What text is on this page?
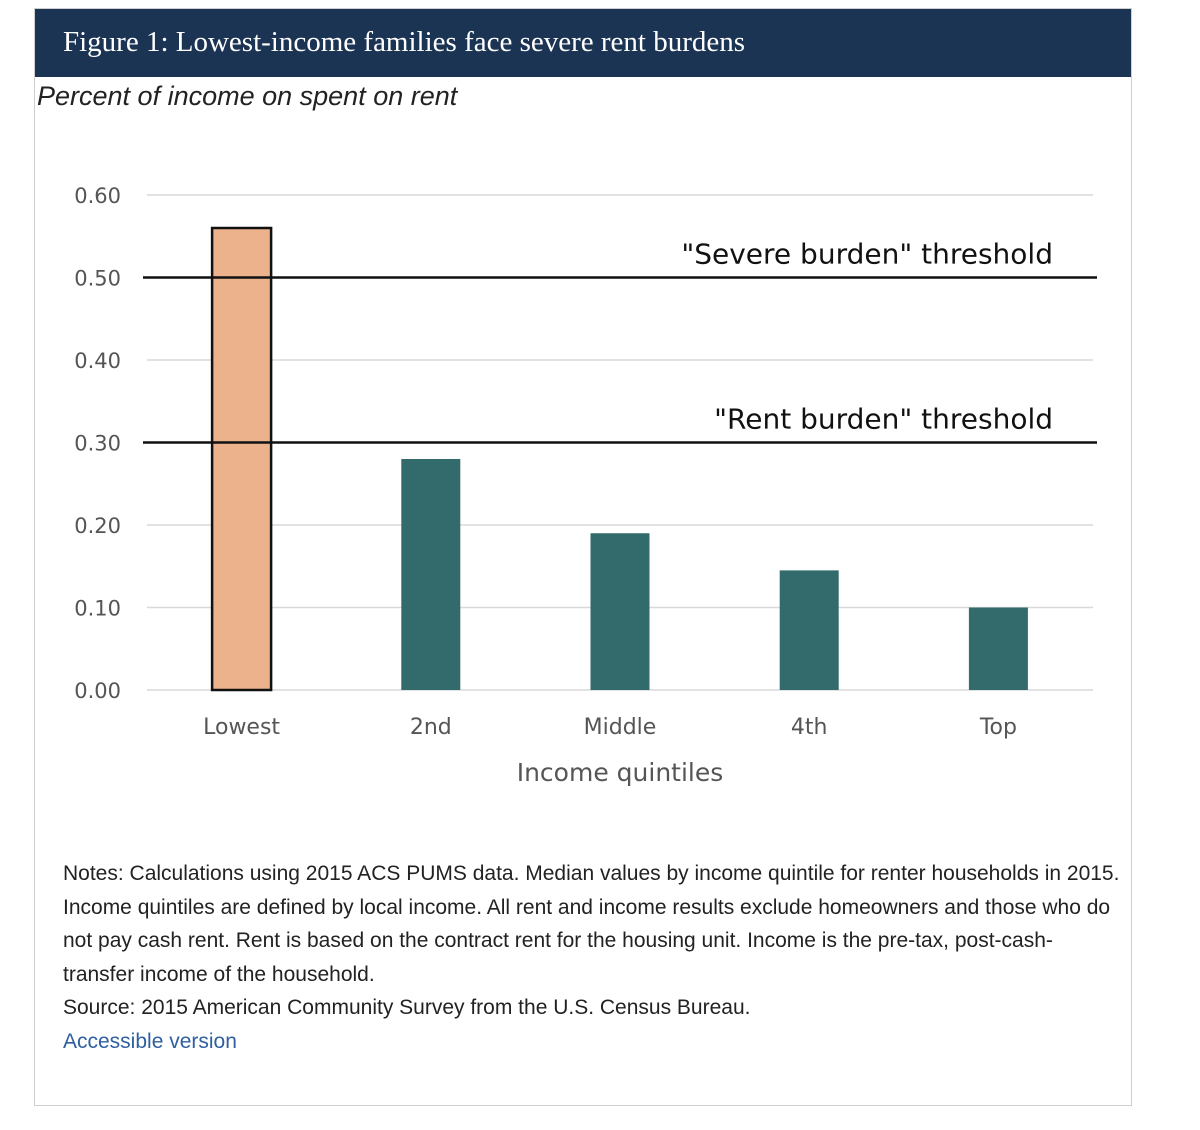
Figure 1: Lowest-income families face severe rent burdens
Percent of income on spent on rent
0.00
0.10
0.20
0.30
0.40
0.50
0.60
"Severe burden" threshold
"Rent burden" threshold
Lowest	2nd	Middle	4th	Top
Income quintiles

Notes: Calculations using 2015 ACS PUMS data. Median values by income quintile for renter households in 2015. Income quintiles are defined by local income. All rent and income results exclude homeowners and those who do not pay cash rent. Rent is based on the contract rent for the housing unit. Income is the pre-tax, post-cash-transfer income of the household.

Source: 2015 American Community Survey from the U.S. Census Bureau.

Accessible version
